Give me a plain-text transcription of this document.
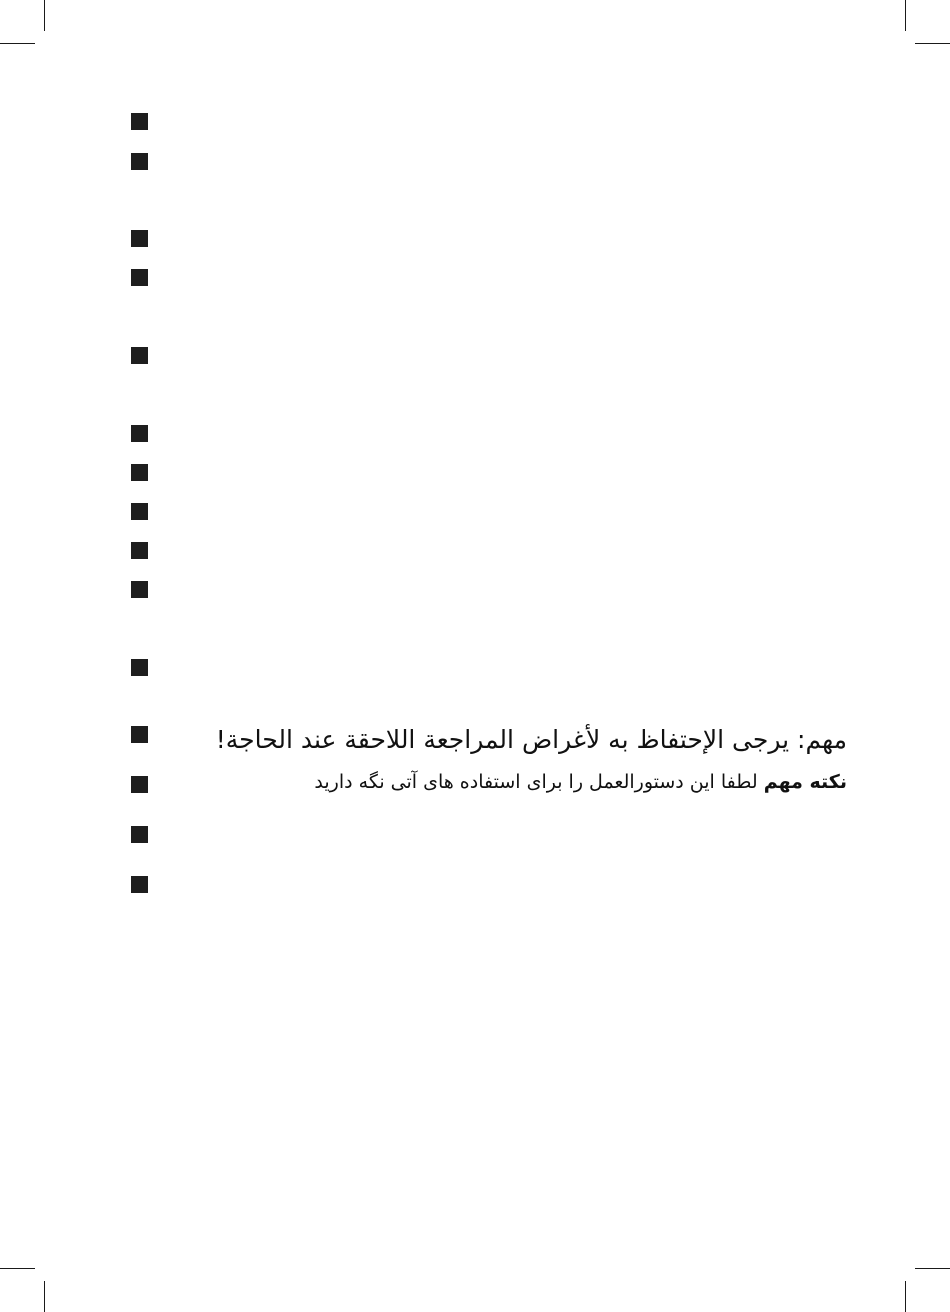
مهم: يرجى الإحتفاظ به لأغراض المراجعة اللاحقة عند الحاجة!
نكته مهم لطفا این دستورالعمل را برای استفاده های آتی نگه دارید
